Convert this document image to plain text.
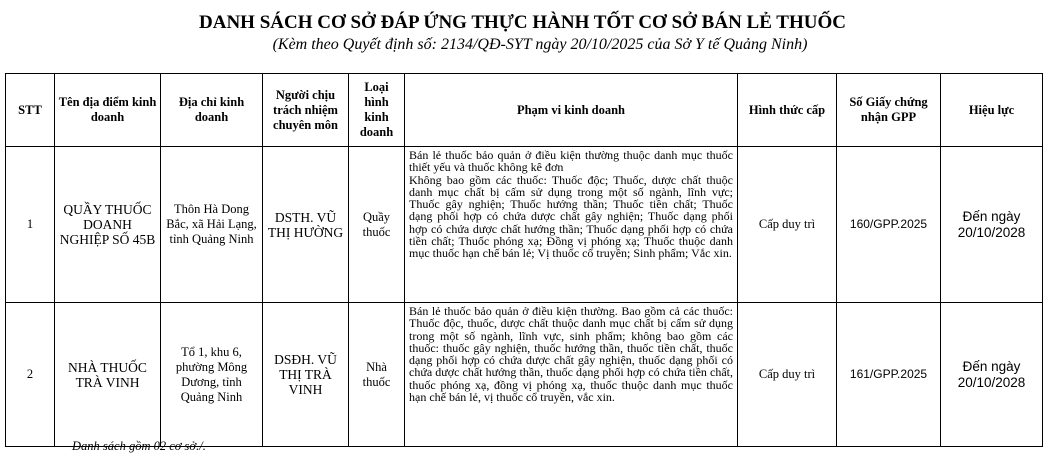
DANH SÁCH CƠ SỞ ĐÁP ỨNG THỰC HÀNH TỐT CƠ SỞ BÁN LẺ THUỐC
(Kèm theo Quyết định số: 2134/QĐ-SYT ngày 20/10/2025 của Sở Y tế Quảng Ninh)
STT	Tên địa điểm kinh doanh	Địa chỉ kinh doanh	Người chịu trách nhiệm chuyên môn	Loại hình kinh doanh	Phạm vi kinh doanh	Hình thức cấp	Số Giấy chứng nhận GPP	Hiệu lực
1	QUẦY THUỐC DOANH NGHIỆP SỐ 45B	Thôn Hà Dong Bắc, xã Hải Lạng, tỉnh Quảng Ninh	DSTH. VŨ THỊ HƯỜNG	Quầy thuốc	Bán lẻ thuốc bảo quản ở điều kiện thường thuộc danh mục thuốc thiết yếu và thuốc không kê đơn
Không bao gồm các thuốc: Thuốc độc; Thuốc, dược chất thuộc danh mục chất bị cấm sử dụng trong một số ngành, lĩnh vực; Thuốc gây nghiện; Thuốc hướng thần; Thuốc tiền chất; Thuốc dạng phối hợp có chứa dược chất gây nghiện; Thuốc dạng phối hợp có chứa dược chất hướng thần; Thuốc dạng phối hợp có chứa tiền chất; Thuốc phóng xạ; Đồng vị phóng xạ; Thuốc thuộc danh mục thuốc hạn chế bán lẻ; Vị thuốc cổ truyền; Sinh phẩm; Vắc xin.	Cấp duy trì	160/GPP.2025	Đến ngày 20/10/2028
2	NHÀ THUỐC TRÀ VINH	Tổ 1, khu 6, phường Mông Dương, tỉnh Quảng Ninh	DSĐH. VŨ THỊ TRÀ VINH	Nhà thuốc	Bán lẻ thuốc bảo quản ở điều kiện thường. Bao gồm cả các thuốc: Thuốc độc, thuốc, dược chất thuộc danh mục chất bị cấm sử dụng trong một số ngành, lĩnh vực, sinh phẩm; không bao gồm các thuốc: thuốc gây nghiện, thuốc hướng thần, thuốc tiền chất, thuốc dạng phối hợp có chứa dược chất gây nghiện, thuốc dạng phối có chứa dược chất hướng thần, thuốc dạng phối hợp có chứa tiền chất, thuốc phóng xạ, đồng vị phóng xạ, thuốc thuộc danh mục thuốc hạn chế bán lẻ, vị thuốc cổ truyền, vắc xin.	Cấp duy trì	161/GPP.2025	Đến ngày 20/10/2028
Danh sách gồm 02 cơ sở./.
